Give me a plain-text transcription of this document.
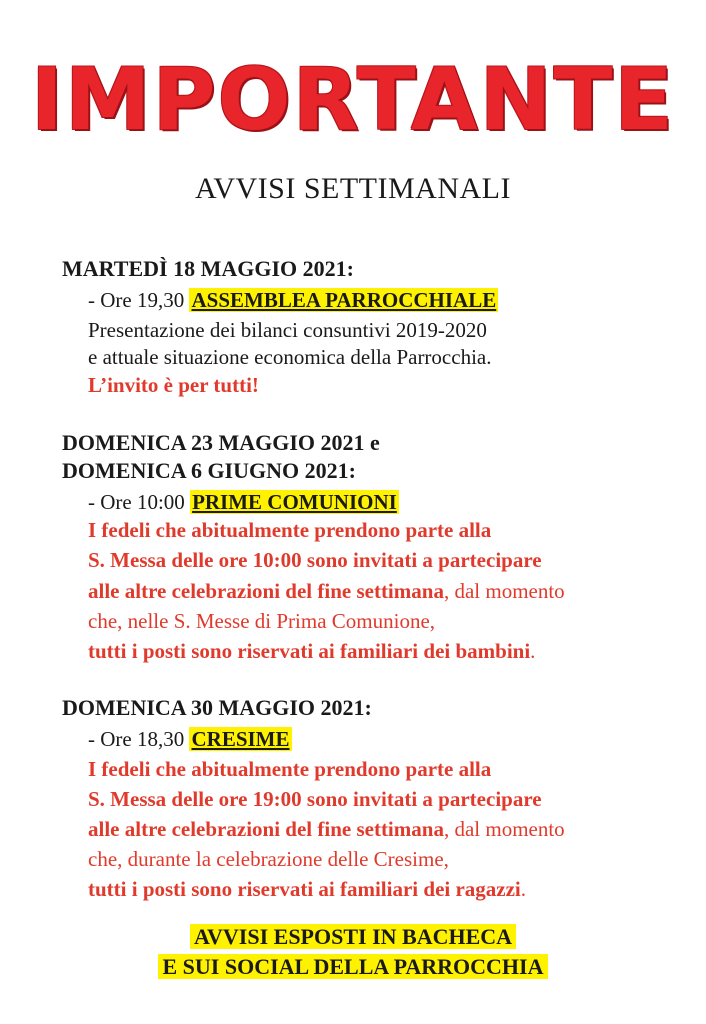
IMPORTANTE
AVVISI SETTIMANALI
MARTEDÌ 18 MAGGIO 2021:
- Ore 19,30 ASSEMBLEA PARROCCHIALE
Presentazione dei bilanci consuntivi 2019-2020
e attuale situazione economica della Parrocchia.
L’invito è per tutti!
DOMENICA 23 MAGGIO 2021 e
DOMENICA 6 GIUGNO 2021:
- Ore 10:00 PRIME COMUNIONI
I fedeli che abitualmente prendono parte alla
S. Messa delle ore 10:00 sono invitati a partecipare
alle altre celebrazioni del fine settimana, dal momento
che, nelle S. Messe di Prima Comunione,
tutti i posti sono riservati ai familiari dei bambini.
DOMENICA 30 MAGGIO 2021:
- Ore 18,30 CRESIME
I fedeli che abitualmente prendono parte alla
S. Messa delle ore 19:00 sono invitati a partecipare
alle altre celebrazioni del fine settimana, dal momento
che, durante la celebrazione delle Cresime,
tutti i posti sono riservati ai familiari dei ragazzi.
AVVISI ESPOSTI IN BACHECA
E SUI SOCIAL DELLA PARROCCHIA
